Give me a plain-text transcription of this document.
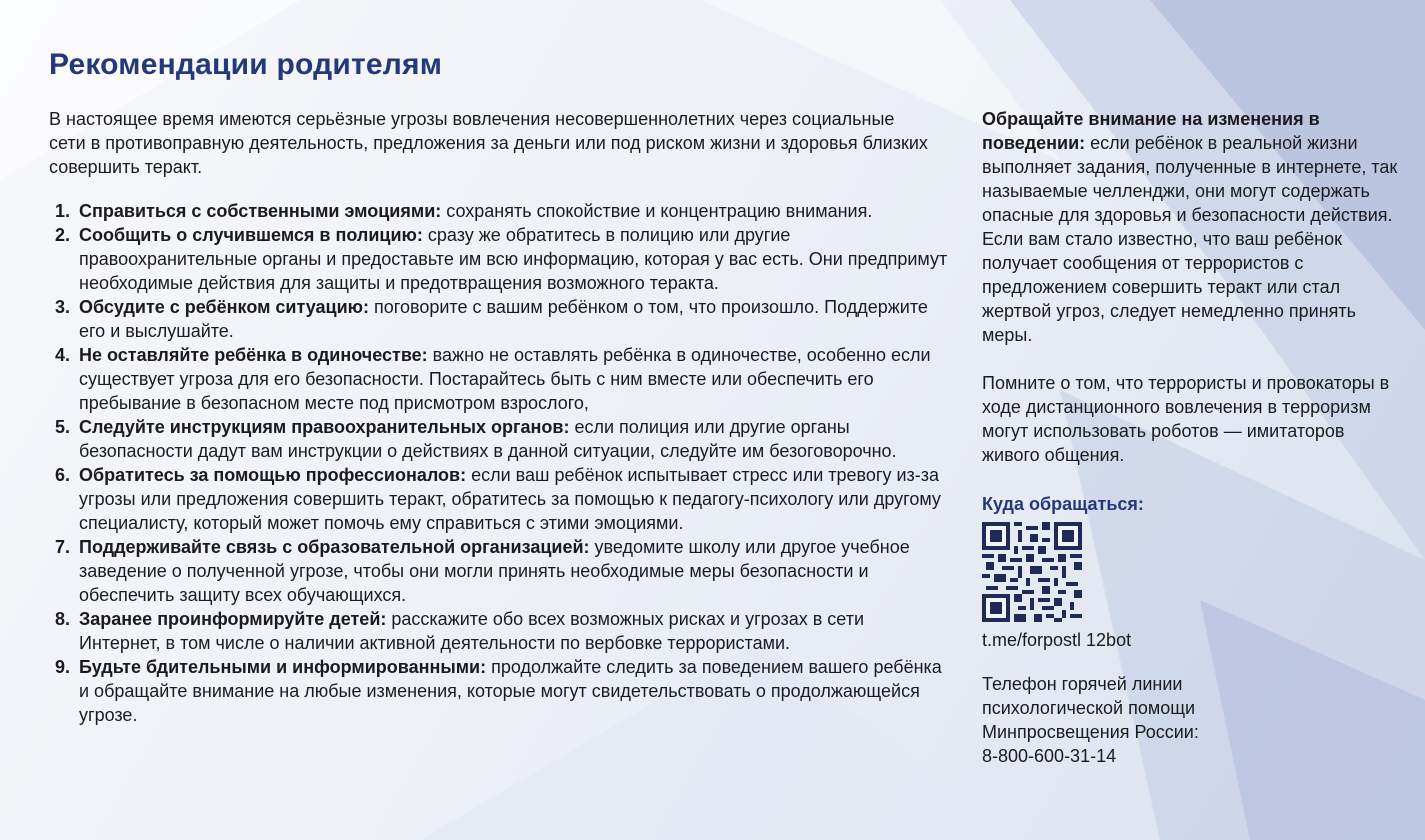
Рекомендации родителям

В настоящее время имеются серьёзные угрозы вовлечения несовершеннолетних через социальные сети в противоправную деятельность, предложения за деньги или под риском жизни и здоровья близких совершить теракт.

1. Справиться с собственными эмоциями: сохранять спокойствие и концентрацию внимания.
2. Сообщить о случившемся в полицию: сразу же обратитесь в полицию или другие правоохранительные органы и предоставьте им всю информацию, которая у вас есть. Они предпримут необходимые действия для защиты и предотвращения возможного теракта.
3. Обсудите с ребёнком ситуацию: поговорите с вашим ребёнком о том, что произошло. Поддержите его и выслушайте.
4. Не оставляйте ребёнка в одиночестве: важно не оставлять ребёнка в одиночестве, особенно если существует угроза для его безопасности. Постарайтесь быть с ним вместе или обеспечить его пребывание в безопасном месте под присмотром взрослого,
5. Следуйте инструкциям правоохранительных органов: если полиция или другие органы безопасности дадут вам инструкции о действиях в данной ситуации, следуйте им безоговорочно.
6. Обратитесь за помощью профессионалов: если ваш ребёнок испытывает стресс или тревогу из-за угрозы или предложения совершить теракт, обратитесь за помощью к педагогу-психологу или другому специалисту, который может помочь ему справиться с этими эмоциями.
7. Поддерживайте связь с образовательной организацией: уведомите школу или другое учебное заведение о полученной угрозе, чтобы они могли принять необходимые меры безопасности и обеспечить защиту всех обучающихся.
8. Заранее проинформируйте детей: расскажите обо всех возможных рисках и угрозах в сети Интернет, в том числе о наличии активной деятельности по вербовке террористами.
9. Будьте бдительными и информированными: продолжайте следить за поведением вашего ребёнка и обращайте внимание на любые изменения, которые могут свидетельствовать о продолжающейся угрозе.

Обращайте внимание на изменения в поведении: если ребёнок в реальной жизни выполняет задания, полученные в интернете, так называемые челленджи, они могут содержать опасные для здоровья и безопасности действия. Если вам стало известно, что ваш ребёнок получает сообщения от террористов с предложением совершить теракт или стал жертвой угроз, следует немедленно принять меры.

Помните о том, что террористы и провокаторы в ходе дистанционного вовлечения в терроризм могут использовать роботов — имитаторов живого общения.

Куда обращаться:

t.me/forpostl 12bot

Телефон горячей линии

психологической помощи

Минпросвещения России:

8-800-600-31-14
